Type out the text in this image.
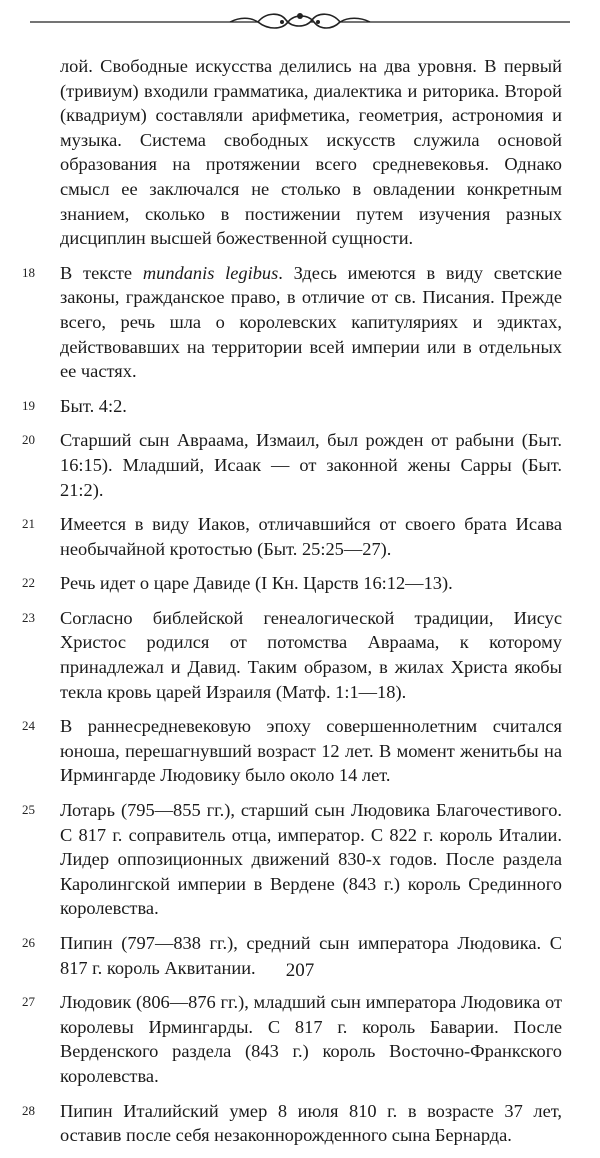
лой. Свободные искусства делились на два уровня. В первый (тривиум) входили грамматика, диалектика и риторика. Второй (квадриум) составляли арифметика, геометрия, астрономия и музыка. Система свободных искусств служила основой образования на протяжении всего средневековья. Однако смысл ее заключался не столько в овладении конкретным знанием, сколько в постижении путем изучения разных дисциплин высшей божественной сущности.

18	В тексте mundanis legibus. Здесь имеются в виду светские законы, гражданское право, в отличие от св. Писания. Прежде всего, речь шла о королевских капитуляриях и эдиктах, действовавших на территории всей империи или в отдельных ее частях.
19	Быт. 4:2.
20	Старший сын Авраама, Измаил, был рожден от рабыни (Быт. 16:15). Младший, Исаак — от законной жены Сарры (Быт. 21:2).
21	Имеется в виду Иаков, отличавшийся от своего брата Исава необычайной кротостью (Быт. 25:25—27).
22	Речь идет о царе Давиде (I Кн. Царств 16:12—13).
23	Согласно библейской генеалогической традиции, Иисус Христос родился от потомства Авраама, к которому принадлежал и Давид. Таким образом, в жилах Христа якобы текла кровь царей Израиля (Матф. 1:1—18).
24	В раннесредневековую эпоху совершеннолетним считался юноша, перешагнувший возраст 12 лет. В момент женитьбы на Ирмингарде Людовику было около 14 лет.
25	Лотарь (795—855 гг.), старший сын Людовика Благочестивого. С 817 г. соправитель отца, император. С 822 г. король Италии. Лидер оппозиционных движений 830-х годов. После раздела Каролингской империи в Вердене (843 г.) король Срединного королевства.
26	Пипин (797—838 гг.), средний сын императора Людовика. С 817 г. король Аквитании.
27	Людовик (806—876 гг.), младший сын императора Людовика от королевы Ирмингарды. С 817 г. король Баварии. После Верденского раздела (843 г.) король Восточно-Франкского королевства.
28	Пипин Италийский умер 8 июля 810 г. в возрасте 37 лет, оставив после себя незаконнорожденного сына Бернарда.
207
